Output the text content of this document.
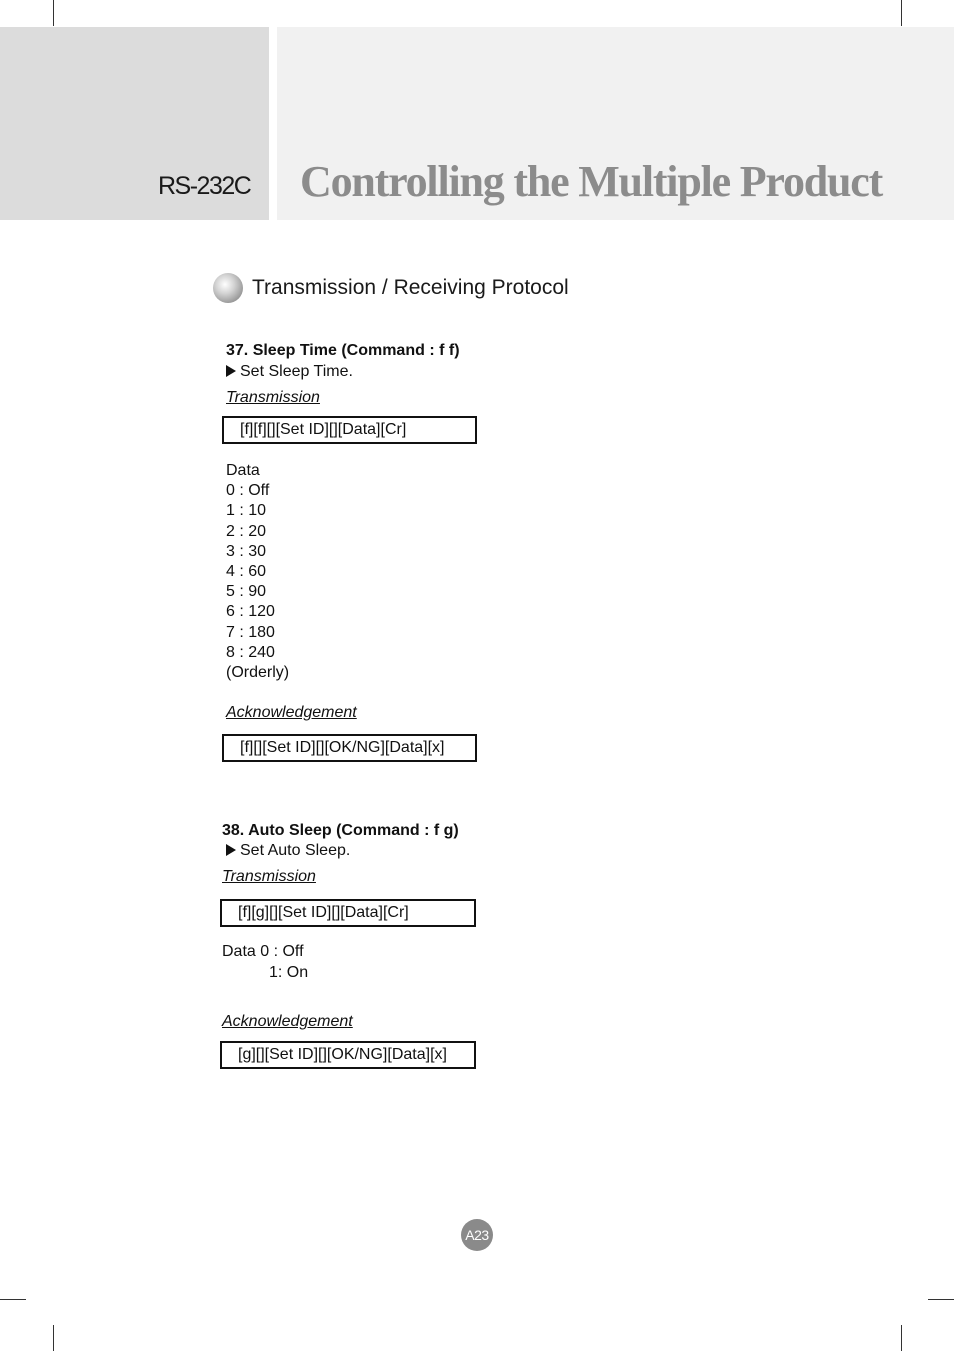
RS-232C Controlling the Multiple Product
Transmission / Receiving Protocol
37. Sleep Time (Command : f f)
Set Sleep Time.
Transmission
[f][f][][Set ID][][Data][Cr]
Data
0 : Off
1 : 10
2 : 20
3 : 30
4 : 60
5 : 90
6 : 120
7 : 180
8 : 240
(Orderly)
Acknowledgement
[f][][Set ID][][OK/NG][Data][x]
38. Auto Sleep (Command : f g)
Set Auto Sleep.
Transmission
[f][g][][Set ID][][Data][Cr]
Data 0 : Off
1: On
Acknowledgement
[g][][Set ID][][OK/NG][Data][x]
A23
